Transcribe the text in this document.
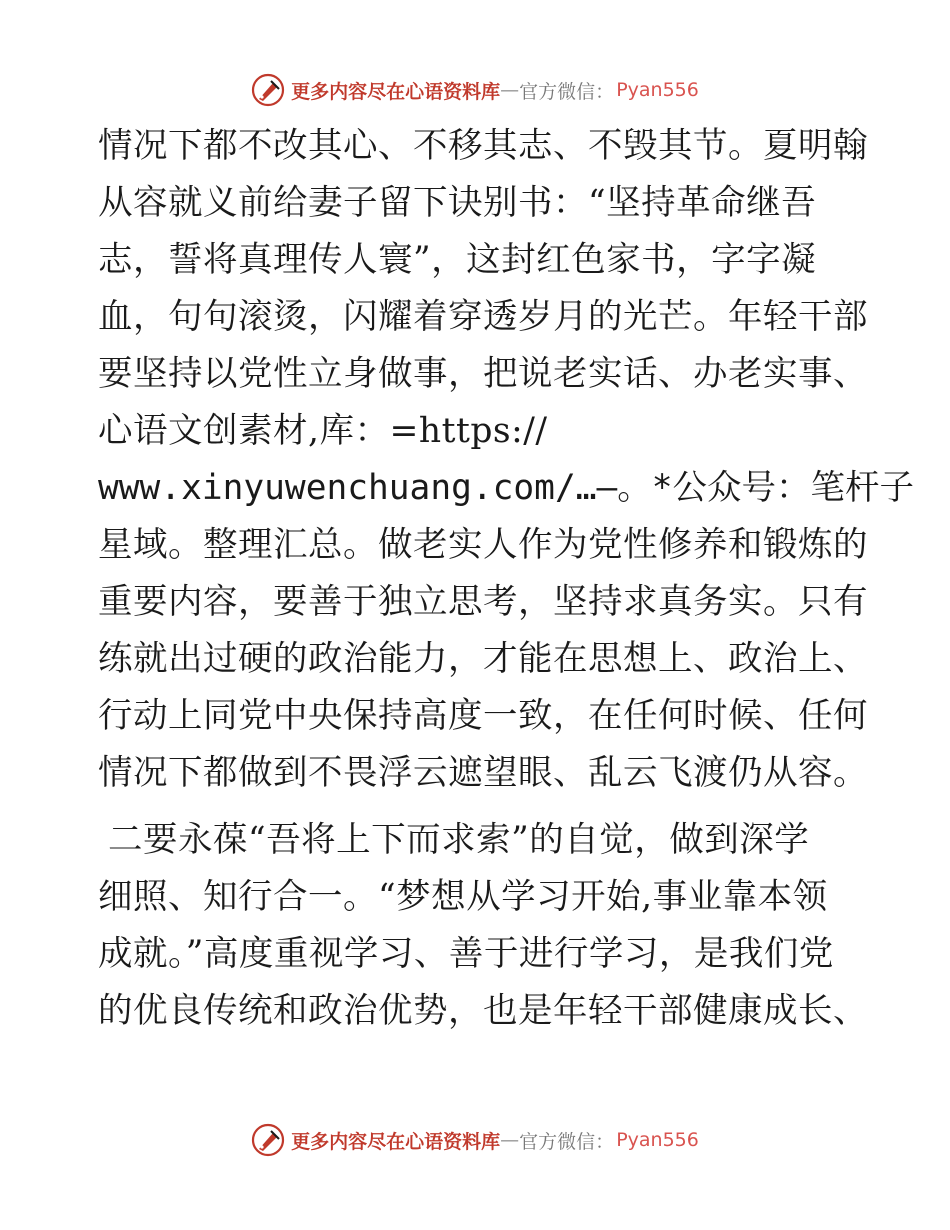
更多内容尽在心语资料库 — 官方微信： Pyan556
情况下都不改其心、不移其志、不毁其节。夏明翰
从容就义前给妻子留下诀别书：“坚持革命继吾
志，誓将真理传人寰”，这封红色家书，字字凝
血，句句滚烫，闪耀着穿透岁月的光芒。年轻干部
要坚持以党性立身做事，把说老实话、办老实事、
心语文创素材,库：=https://
www.xinyuwenchuang.com/…—。*公众号：笔杆子
星域。整理汇总。做老实人作为党性修养和锻炼的
重要内容，要善于独立思考，坚持求真务实。只有
练就出过硬的政治能力，才能在思想上、政治上、
行动上同党中央保持高度一致，在任何时候、任何
情况下都做到不畏浮云遮望眼、乱云飞渡仍从容。
二要永葆“吾将上下而求索”的自觉，做到深学
细照、知行合一。“梦想从学习开始,事业靠本领
成就。”高度重视学习、善于进行学习，是我们党
的优良传统和政治优势，也是年轻干部健康成长、
更多内容尽在心语资料库 — 官方微信： Pyan556
